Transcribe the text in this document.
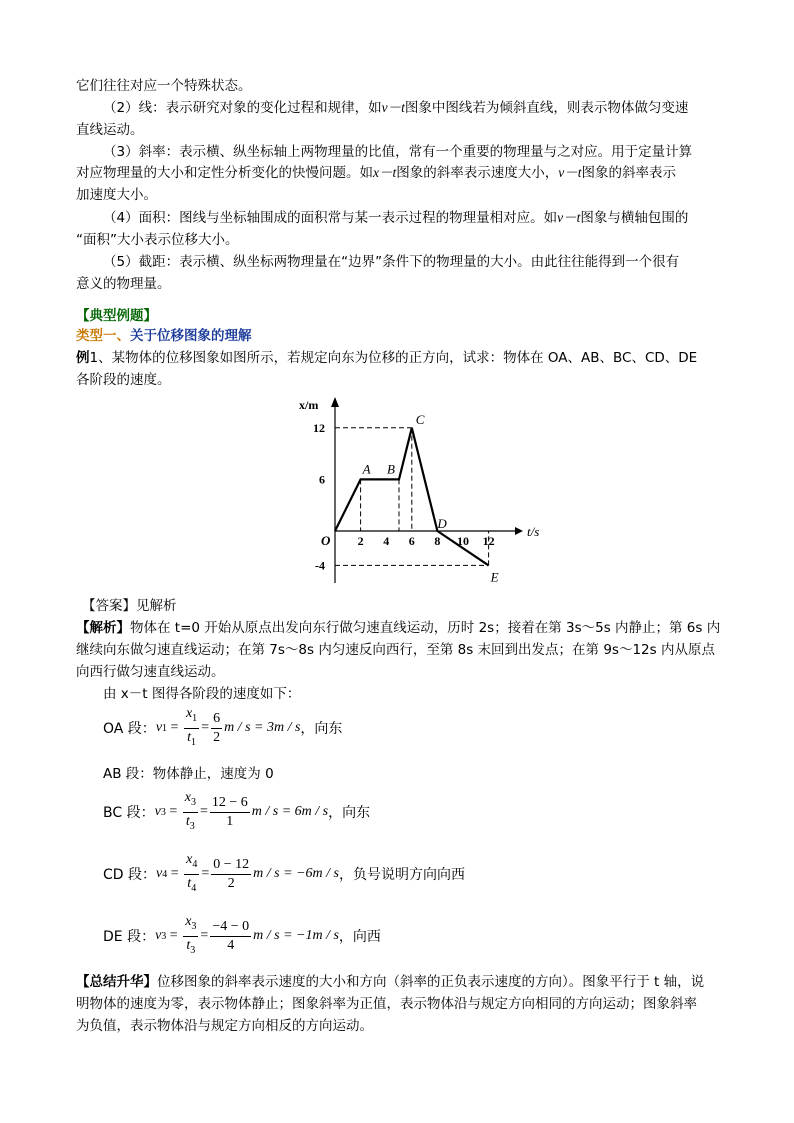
它们往往对应一个特殊状态。
（2）线：表示研究对象的变化过程和规律，如v－t图象中图线若为倾斜直线，则表示物体做匀变速
直线运动。
（3）斜率：表示横、纵坐标轴上两物理量的比值，常有一个重要的物理量与之对应。用于定量计算
对应物理量的大小和定性分析变化的快慢问题。如x－t图象的斜率表示速度大小，v－t图象的斜率表示
加速度大小。
（4）面积：图线与坐标轴围成的面积常与某一表示过程的物理量相对应。如v－t图象与横轴包围的
“面积”大小表示位移大小。
（5）截距：表示横、纵坐标两物理量在“边界”条件下的物理量的大小。由此往往能得到一个很有
意义的物理量。
【典型例题】
类型一、关于位移图象的理解
例1、某物体的位移图象如图所示，若规定向东为位移的正方向，试求：物体在 OA、AB、BC、CD、DE
各阶段的速度。
t/s
x/m
A B
C
D
E
O 2 4 6 8 10 12
12
6
-4
【答案】见解析
【解析】物体在 t=0 开始从原点出发向东行做匀速直线运动，历时 2s；接着在第 3s～5s 内静止；第 6s 内
继续向东做匀速直线运动；在第 7s～8s 内匀速反向西行，至第 8s 末回到出发点；在第 9s～12s 内从原点
向西行做匀速直线运动。
由 x－t 图得各阶段的速度如下：
OA 段： v $1 = \frac{x_1}{t_1} = \frac{6}{2}$ m / s = 3m / s ，向东
AB 段：物体静止，速度为 0
BC 段： v $3 = \frac{x_3}{t_3} = \frac{12 - 6}{1}$ m / s = 6m / s ，向东
CD 段： v $4 = \frac{x_4}{t_4} = \frac{0 - 12}{2}$ m / s = −6m / s ，负号说明方向向西
DE 段： v $3 = \frac{x_3}{t_3} = \frac{-4 - 0}{4}$ m / s = −1m / s ，向西
【总结升华】位移图象的斜率表示速度的大小和方向（斜率的正负表示速度的方向）。图象平行于 t 轴，说
明物体的速度为零，表示物体静止；图象斜率为正值，表示物体沿与规定方向相同的方向运动；图象斜率
为负值，表示物体沿与规定方向相反的方向运动。
